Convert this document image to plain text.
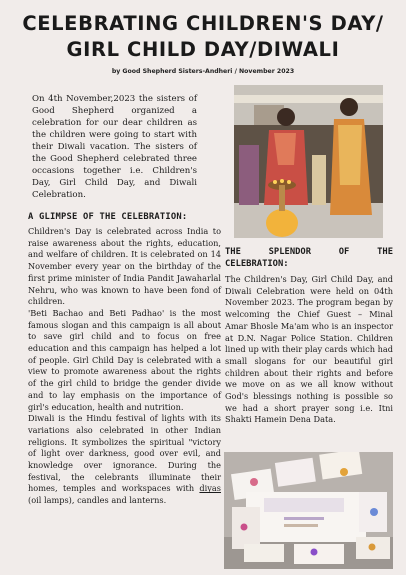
CELEBRATING CHILDREN'S DAY/
GIRL CHILD DAY/DIWALI
by Good Shepherd Sisters-Andheri / November 2023
On 4th November,2023 the sisters of Good Shepherd organized a celebration for our dear children as the children were going to start with their Diwali vacation. The sisters of the Good Shepherd celebrated three occasions together i.e. Children's Day, Girl Child Day, and Diwali Celebration.
A GLIMPSE OF THE CELEBRATION:

Children's Day is celebrated across India to raise awareness about the rights, education, and welfare of children. It is celebrated on 14 November every year on the birthday of the first prime minister of India Pandit Jawaharlal Nehru, who was known to have been fond of children.

'Beti Bachao and Beti Padhao' is the most famous slogan and this campaign is all about to save girl child and to focus on free education and this campaign has helped a lot of people. Girl Child Day is celebrated with a view to promote awareness about the rights of the girl child to bridge the gender divide and to lay emphasis on the importance of girl's education, health and nutrition.

Diwali is the Hindu festival of lights with its variations also celebrated in other Indian religions. It symbolizes the spiritual "victory of light over darkness, good over evil, and knowledge over ignorance. During the festival, the celebrants illuminate their homes, temples and workspaces with diyas (oil lamps), candles and lanterns.

THE SPLENDOR OF THE CELEBRATION:

The Children's Day, Girl Child Day, and Diwali Celebration were held on 04th November 2023. The program began by welcoming the Chief Guest – Minal Amar Bhosle Ma'am who is an inspector at D.N. Nagar Police Station. Children lined up with their play cards which had small slogans for our beautiful girl children about their rights and before we move on as we all know without God's blessings nothing is possible so we had a short prayer song i.e. Itni Shakti Hamein Dena Data.
